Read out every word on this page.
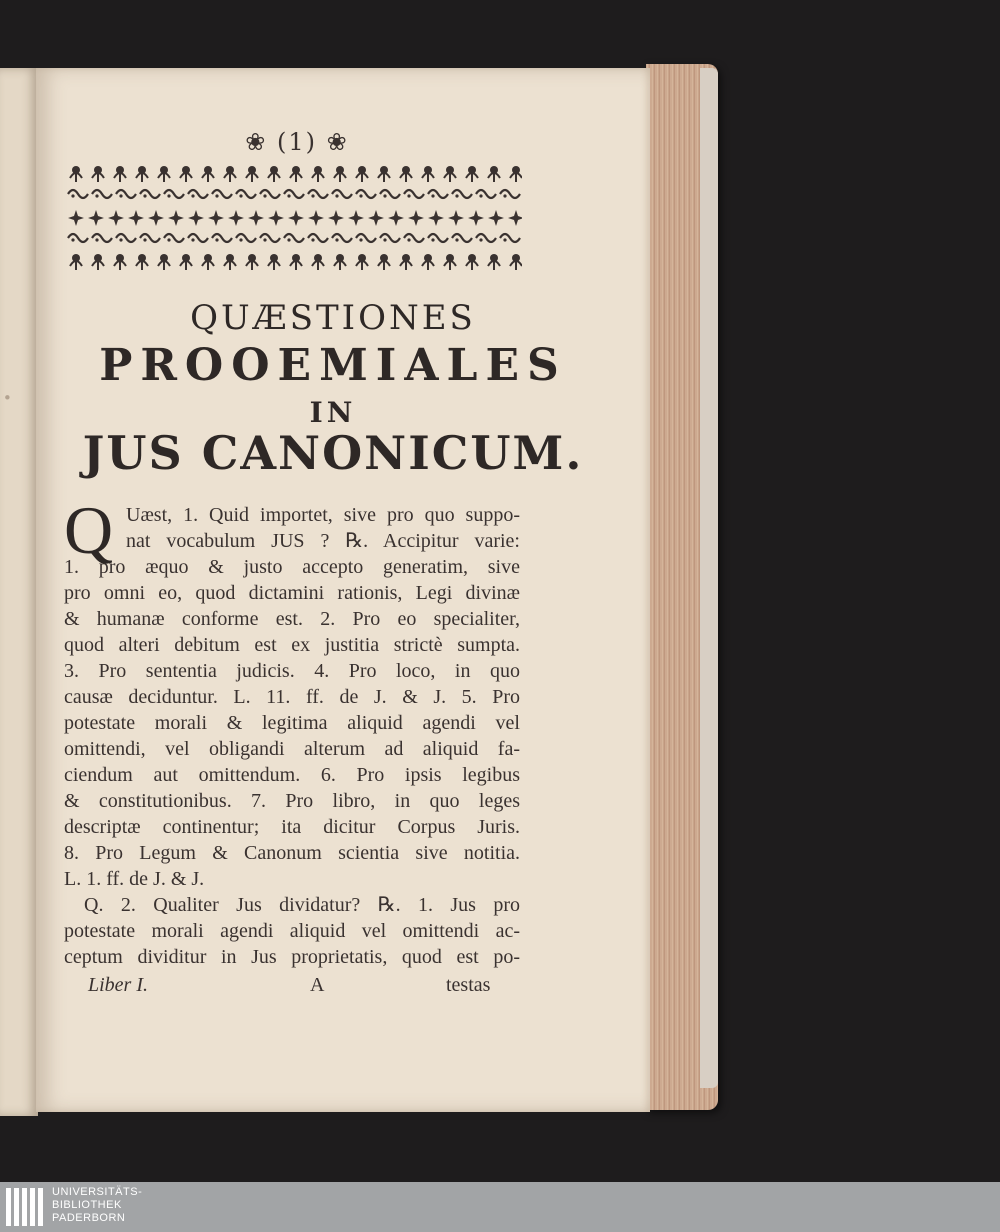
·
❀ (1) ❀
QUÆSTIONES
PROOEMIALES
IN
JUS CANONICUM.
Q Uæst, 1. Quid importet, sive pro quo suppo-
nat vocabulum JUS ? ℞. Accipitur varie:
1. pro æquo & justo accepto generatim, sive
pro omni eo, quod dictamini rationis, Legi divinæ
& humanæ conforme est. 2. Pro eo specialiter,
quod alteri debitum est ex justitia strictè sumpta.
3. Pro sententia judicis. 4. Pro loco, in quo
causæ deciduntur. L. 11. ff. de J. & J. 5. Pro
potestate morali & legitima aliquid agendi vel
omittendi, vel obligandi alterum ad aliquid fa-
ciendum aut omittendum. 6. Pro ipsis legibus
& constitutionibus. 7. Pro libro, in quo leges
descriptæ continentur; ita dicitur Corpus Juris.
8. Pro Legum & Canonum scientia sive notitia.
L. 1. ff. de J. & J.
Q. 2. Qualiter Jus dividatur? ℞. 1. Jus pro
potestate morali agendi aliquid vel omittendi ac-
ceptum dividitur in Jus proprietatis, quod est po-
Liber I.	A	testas
UNIVERSITÄTS-
BIBLIOTHEK
PADERBORN
